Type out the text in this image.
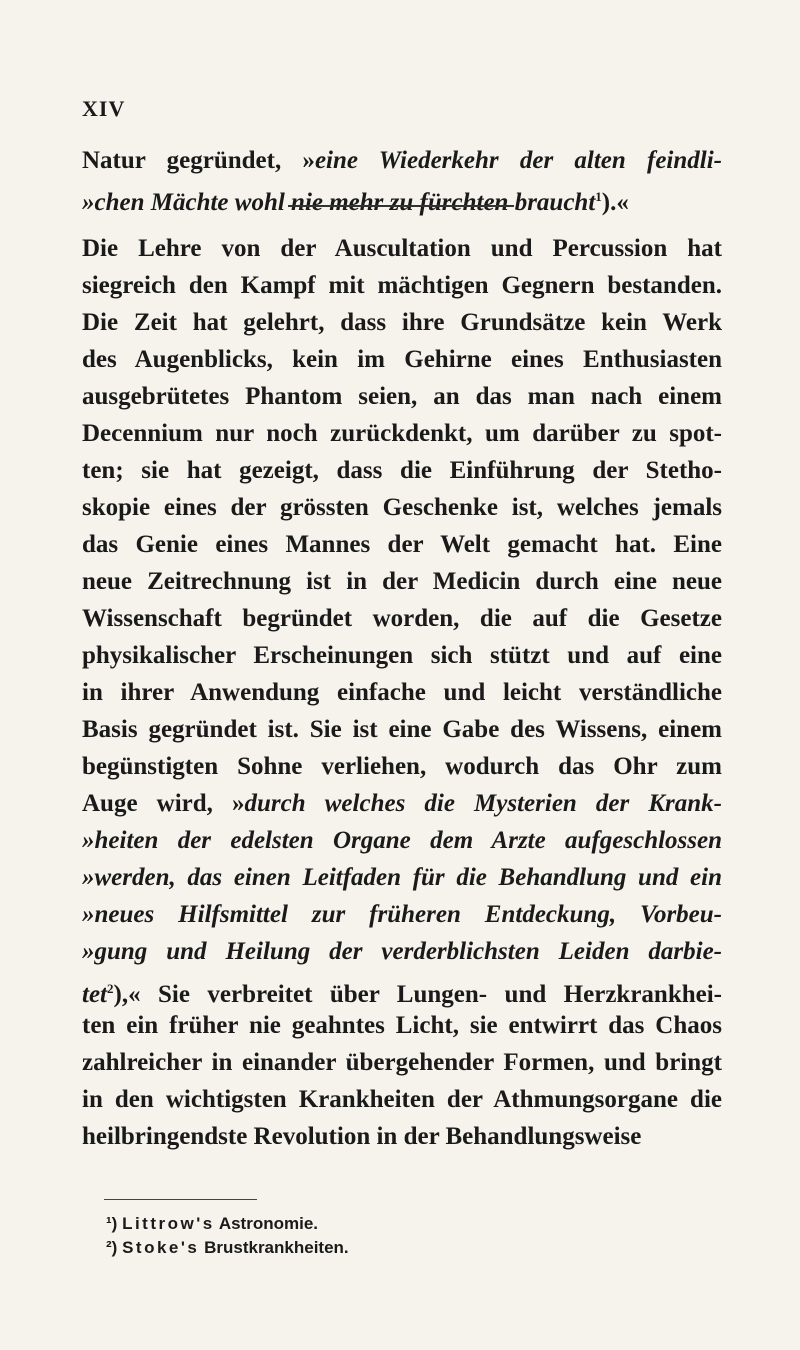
XIV
Natur gegründet, »eine Wiederkehr der alten feindli-
»chen Mächte wohl nie mehr zu fürchten braucht$^1$).«
Die Lehre von der Auscultation und Percussion hat
siegreich den Kampf mit mächtigen Gegnern bestanden.
Die Zeit hat gelehrt, dass ihre Grundsätze kein Werk
des Augenblicks, kein im Gehirne eines Enthusiasten
ausgebrütetes Phantom seien, an das man nach einem
Decennium nur noch zurückdenkt, um darüber zu spot-
ten; sie hat gezeigt, dass die Einführung der Stetho-
skopie eines der grössten Geschenke ist, welches jemals
das Genie eines Mannes der Welt gemacht hat. Eine
neue Zeitrechnung ist in der Medicin durch eine neue
Wissenschaft begründet worden, die auf die Gesetze
physikalischer Erscheinungen sich stützt und auf eine
in ihrer Anwendung einfache und leicht verständliche
Basis gegründet ist. Sie ist eine Gabe des Wissens, einem
begünstigten Sohne verliehen, wodurch das Ohr zum
Auge wird, »durch welches die Mysterien der Krank-
»heiten der edelsten Organe dem Arzte aufgeschlossen
»werden, das einen Leitfaden für die Behandlung und ein
»neues Hilfsmittel zur früheren Entdeckung, Vorbeu-
»gung und Heilung der verderblichsten Leiden darbie-
tet$^2$),« Sie verbreitet über Lungen- und Herzkrankhei-
ten ein früher nie geahntes Licht, sie entwirrt das Chaos
zahlreicher in einander übergehender Formen, und bringt
in den wichtigsten Krankheiten der Athmungsorgane die
heilbringendste Revolution in der Behandlungsweise
¹) Littrow's Astronomie.
²) Stoke's Brustkrankheiten.
